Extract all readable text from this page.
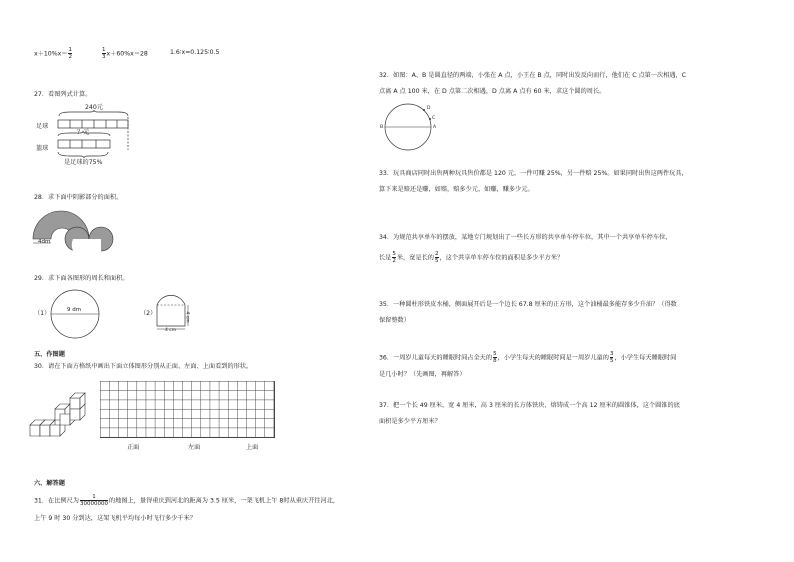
$x+10\%x= \frac{1}{2}$	$\frac{1}{3} x+60\%x=28$	1.6∶x=0.125∶0.5
27．看图列式计算。
240元
足球
？元
篮球
是足球的75%
28．求下面中阴影部分的面积。
4dm
29．求下面各图形的周长和面积。
（1）	9 dm	（2）	4 cm
4 cm
五、作图题
30．请在下面方格纸中画出下面立体图形分别从正面、左面、上面看到的形状。
正面	左面	上面
六、解答题
31．在比例尺为 $\frac{1}{30000000}$ 的地图上，量得重庆到河北的距离为 3.5 厘米，一架飞机上午 8时从重庆开往河北，
上午 9 时 30 分到达，这架飞机平均每小时飞行多少千米？
32．如图：A、B 是圆直径的两端，小张在 A 点，小王在 B 点，同时出发反向而行，他们在 C 点第一次相遇，C
点离 A 点 100 米，在 D 点第二次相遇，D 点离 A 点有 60 米，求这个圆的周长。
D
C
B	A
33．玩具商店同时出售两种玩具售价都是 120 元，一件可赚 25%，另一件赔 25%。如果同时出售这两件玩具，
算下来是赔还是赚，如赔，赔多少元，如赚，赚多少元。
34．为规范共享单车的摆放，某地专门规划出了一些长方形的共享单车停车位，其中一个共享单车停车位，
长是 $\frac{5}{2}$ 米，宽是长的 $\frac{2}{5}$ ，这个共享单车停车位的面积是多少平方米？
35．一种圆柱形铁皮水桶，侧面展开后是一个边长 67.8 厘米的正方形，这个油桶最多能存多少升油？（得数
保留整数）
36．一周岁儿童每天的睡眠时间占全天的 $\frac{5}{8}$ ，小学生每天的睡眠时间是一周岁儿童的 $\frac{3}{5}$ ，小学生每天睡眠时间
是几小时？（先画图，再解答）
37．把一个长 49 厘米，宽 4 厘米，高 3 厘米的长方体铁块，熔铸成一个高 12 厘米的圆锥体，这个圆锥的底
面积是多少平方厘米？
